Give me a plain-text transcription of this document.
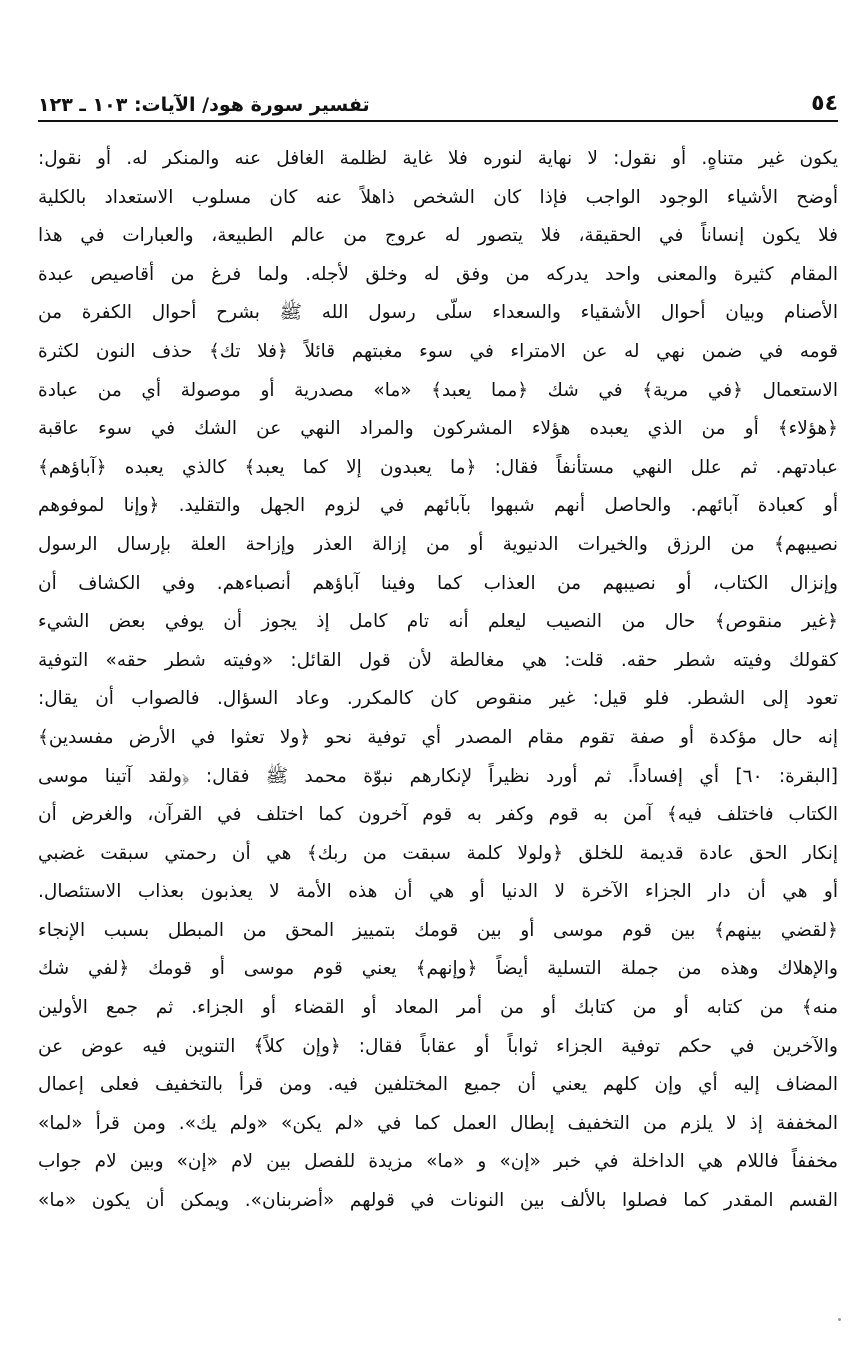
٥٤
تفسير سورة هود/ الآيات: ١٠٣ ـ ١٢٣
يكون غير متناهٍ. أو نقول: لا نهاية لنوره فلا غاية لظلمة الغافل عنه والمنكر له. أو نقول:
أوضح الأشياء الوجود الواجب فإذا كان الشخص ذاهلاً عنه كان مسلوب الاستعداد بالكلية
فلا يكون إنساناً في الحقيقة، فلا يتصور له عروج من عالم الطبيعة، والعبارات في هذا
المقام كثيرة والمعنى واحد يدركه من وفق له وخلق لأجله. ولما فرغ من أقاصيص عبدة
الأصنام وبيان أحوال الأشقياء والسعداء سلّى رسول الله ﷺ بشرح أحوال الكفرة من
قومه في ضمن نهي له عن الامتراء في سوء مغبتهم قائلاً ﴿فلا تك﴾ حذف النون لكثرة
الاستعمال ﴿في مرية﴾ في شك ﴿مما يعبد﴾ «ما» مصدرية أو موصولة أي من عبادة
﴿هؤلاء﴾ أو من الذي يعبده هؤلاء المشركون والمراد النهي عن الشك في سوء عاقبة
عبادتهم. ثم علل النهي مستأنفاً فقال: ﴿ما يعبدون إلا كما يعبد﴾ كالذي يعبده ﴿آباؤهم﴾
أو كعبادة آبائهم. والحاصل أنهم شبهوا بآبائهم في لزوم الجهل والتقليد. ﴿وإنا لموفوهم
نصيبهم﴾ من الرزق والخيرات الدنيوية أو من إزالة العذر وإزاحة العلة بإرسال الرسول
وإنزال الكتاب، أو نصيبهم من العذاب كما وفينا آباؤهم أنصباءهم. وفي الكشاف أن
﴿غير منقوص﴾ حال من النصيب ليعلم أنه تام كامل إذ يجوز أن يوفي بعض الشيء
كقولك وفيته شطر حقه. قلت: هي مغالطة لأن قول القائل: «وفيته شطر حقه» التوفية
تعود إلى الشطر. فلو قيل: غير منقوص كان كالمكرر. وعاد السؤال. فالصواب أن يقال:
إنه حال مؤكدة أو صفة تقوم مقام المصدر أي توفية نحو ﴿ولا تعثوا في الأرض مفسدين﴾
[البقرة: ٦٠] أي إفساداً. ثم أورد نظيراً لإنكارهم نبوّة محمد ﷺ فقال: ﴿ولقد آتينا موسى
الكتاب فاختلف فيه﴾ آمن به قوم وكفر به قوم آخرون كما اختلف في القرآن، والغرض أن
إنكار الحق عادة قديمة للخلق ﴿ولولا كلمة سبقت من ربك﴾ هي أن رحمتي سبقت غضبي
أو هي أن دار الجزاء الآخرة لا الدنيا أو هي أن هذه الأمة لا يعذبون بعذاب الاستئصال.
﴿لقضي بينهم﴾ بين قوم موسى أو بين قومك بتمييز المحق من المبطل بسبب الإنجاء
والإهلاك وهذه من جملة التسلية أيضاً ﴿وإنهم﴾ يعني قوم موسى أو قومك ﴿لفي شك
منه﴾ من كتابه أو من كتابك أو من أمر المعاد أو القضاء أو الجزاء. ثم جمع الأولين
والآخرين في حكم توفية الجزاء ثواباً أو عقاباً فقال: ﴿وإن كلاً﴾ التنوين فيه عوض عن
المضاف إليه أي وإن كلهم يعني أن جميع المختلفين فيه. ومن قرأ بالتخفيف فعلى إعمال
المخففة إذ لا يلزم من التخفيف إبطال العمل كما في «لم يكن» «ولم يك». ومن قرأ «لما»
مخففاً فاللام هي الداخلة في خبر «إن» و «ما» مزيدة للفصل بين لام «إن» وبين لام جواب
القسم المقدر كما فصلوا بالألف بين النونات في قولهم «أضربنان». ويمكن أن يكون «ما»
